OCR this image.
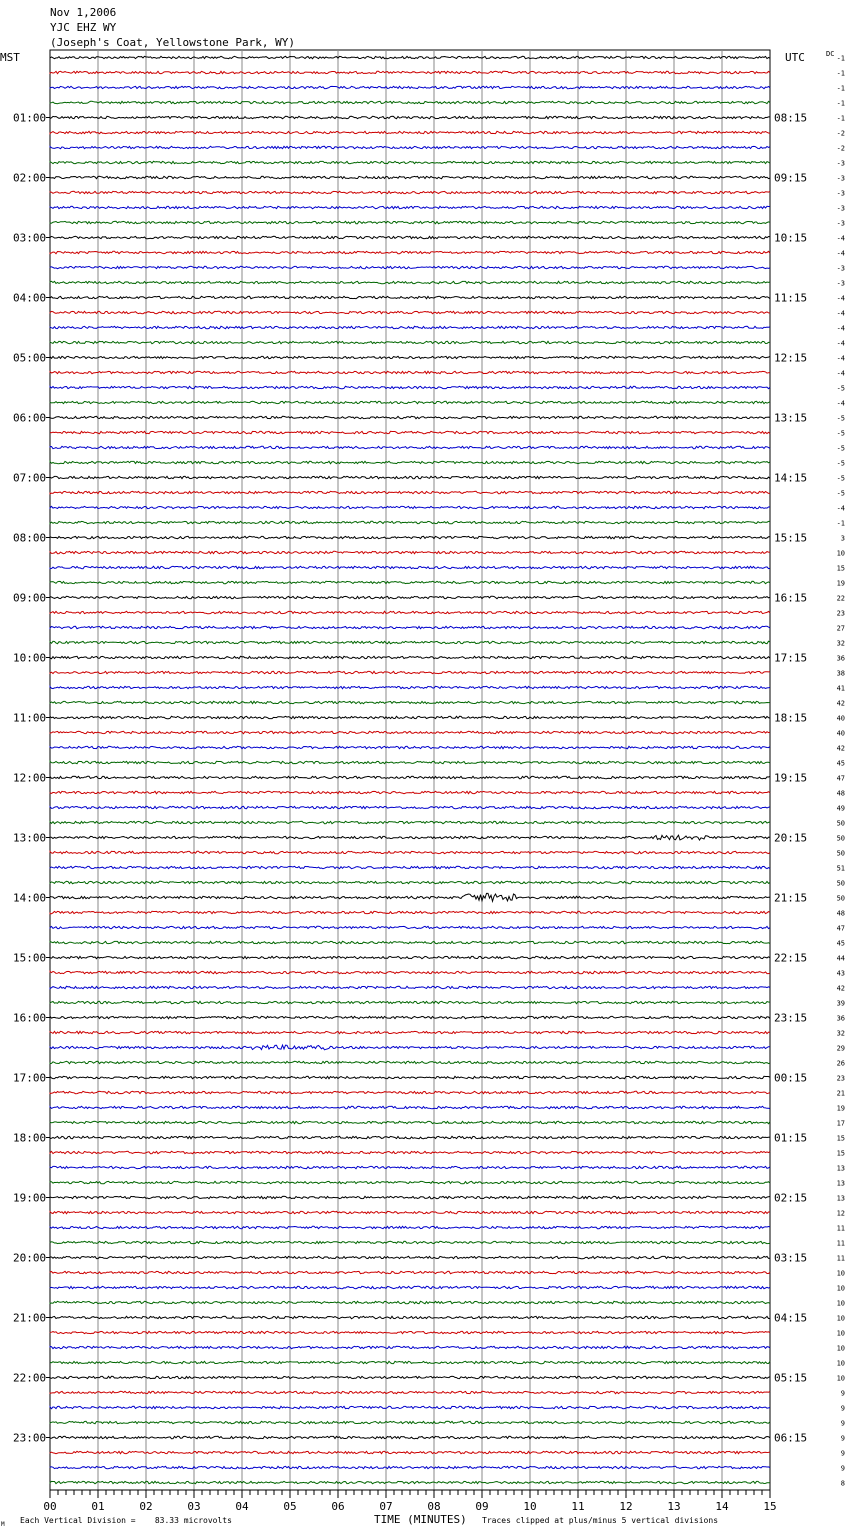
Nov 1,2006
YJC EHZ WY
(Joseph's Coat, Yellowstone Park, WY)
MST	UTC	DC
01:00
02:00
03:00
04:00
05:00
06:00
07:00
08:00
09:00
10:00
11:00
12:00
13:00
14:00
15:00
16:00
17:00
18:00
19:00
20:00
21:00
22:00
23:00
08:15
09:15
10:15
11:15
12:15
13:15
14:15
15:15
16:15
17:15
18:15
19:15
20:15
21:15
22:15
23:15
00:15
01:15
02:15
03:15
04:15
05:15
06:15
-1
-1
-1
-1
-1
-2
-2
-3
-3
-3
-3
-3
-4
-4
-3
-3
-4
-4
-4
-4
-4
-4
-5
-4
-5
-5
-5
-5
-5
-5
-4
-1
3
10
15
19
22
23
27
32
36
38
41
42
40
40
42
45
47
48
49
50
50
50
51
50
50
48
47
45
44
43
42
39
36
32
29
26
23
21
19
17
15
15
13
13
13
12
11
11
11
10
10
10
10
10
10
10
10
9
9
9
9
9
9
8
00	01	02	03	04	05	06	07	08	09	10	11	12	13	14	15
TIME (MINUTES)
Each Vertical Division =    83.33 microvolts	Traces clipped at plus/minus 5 vertical divisions
M
